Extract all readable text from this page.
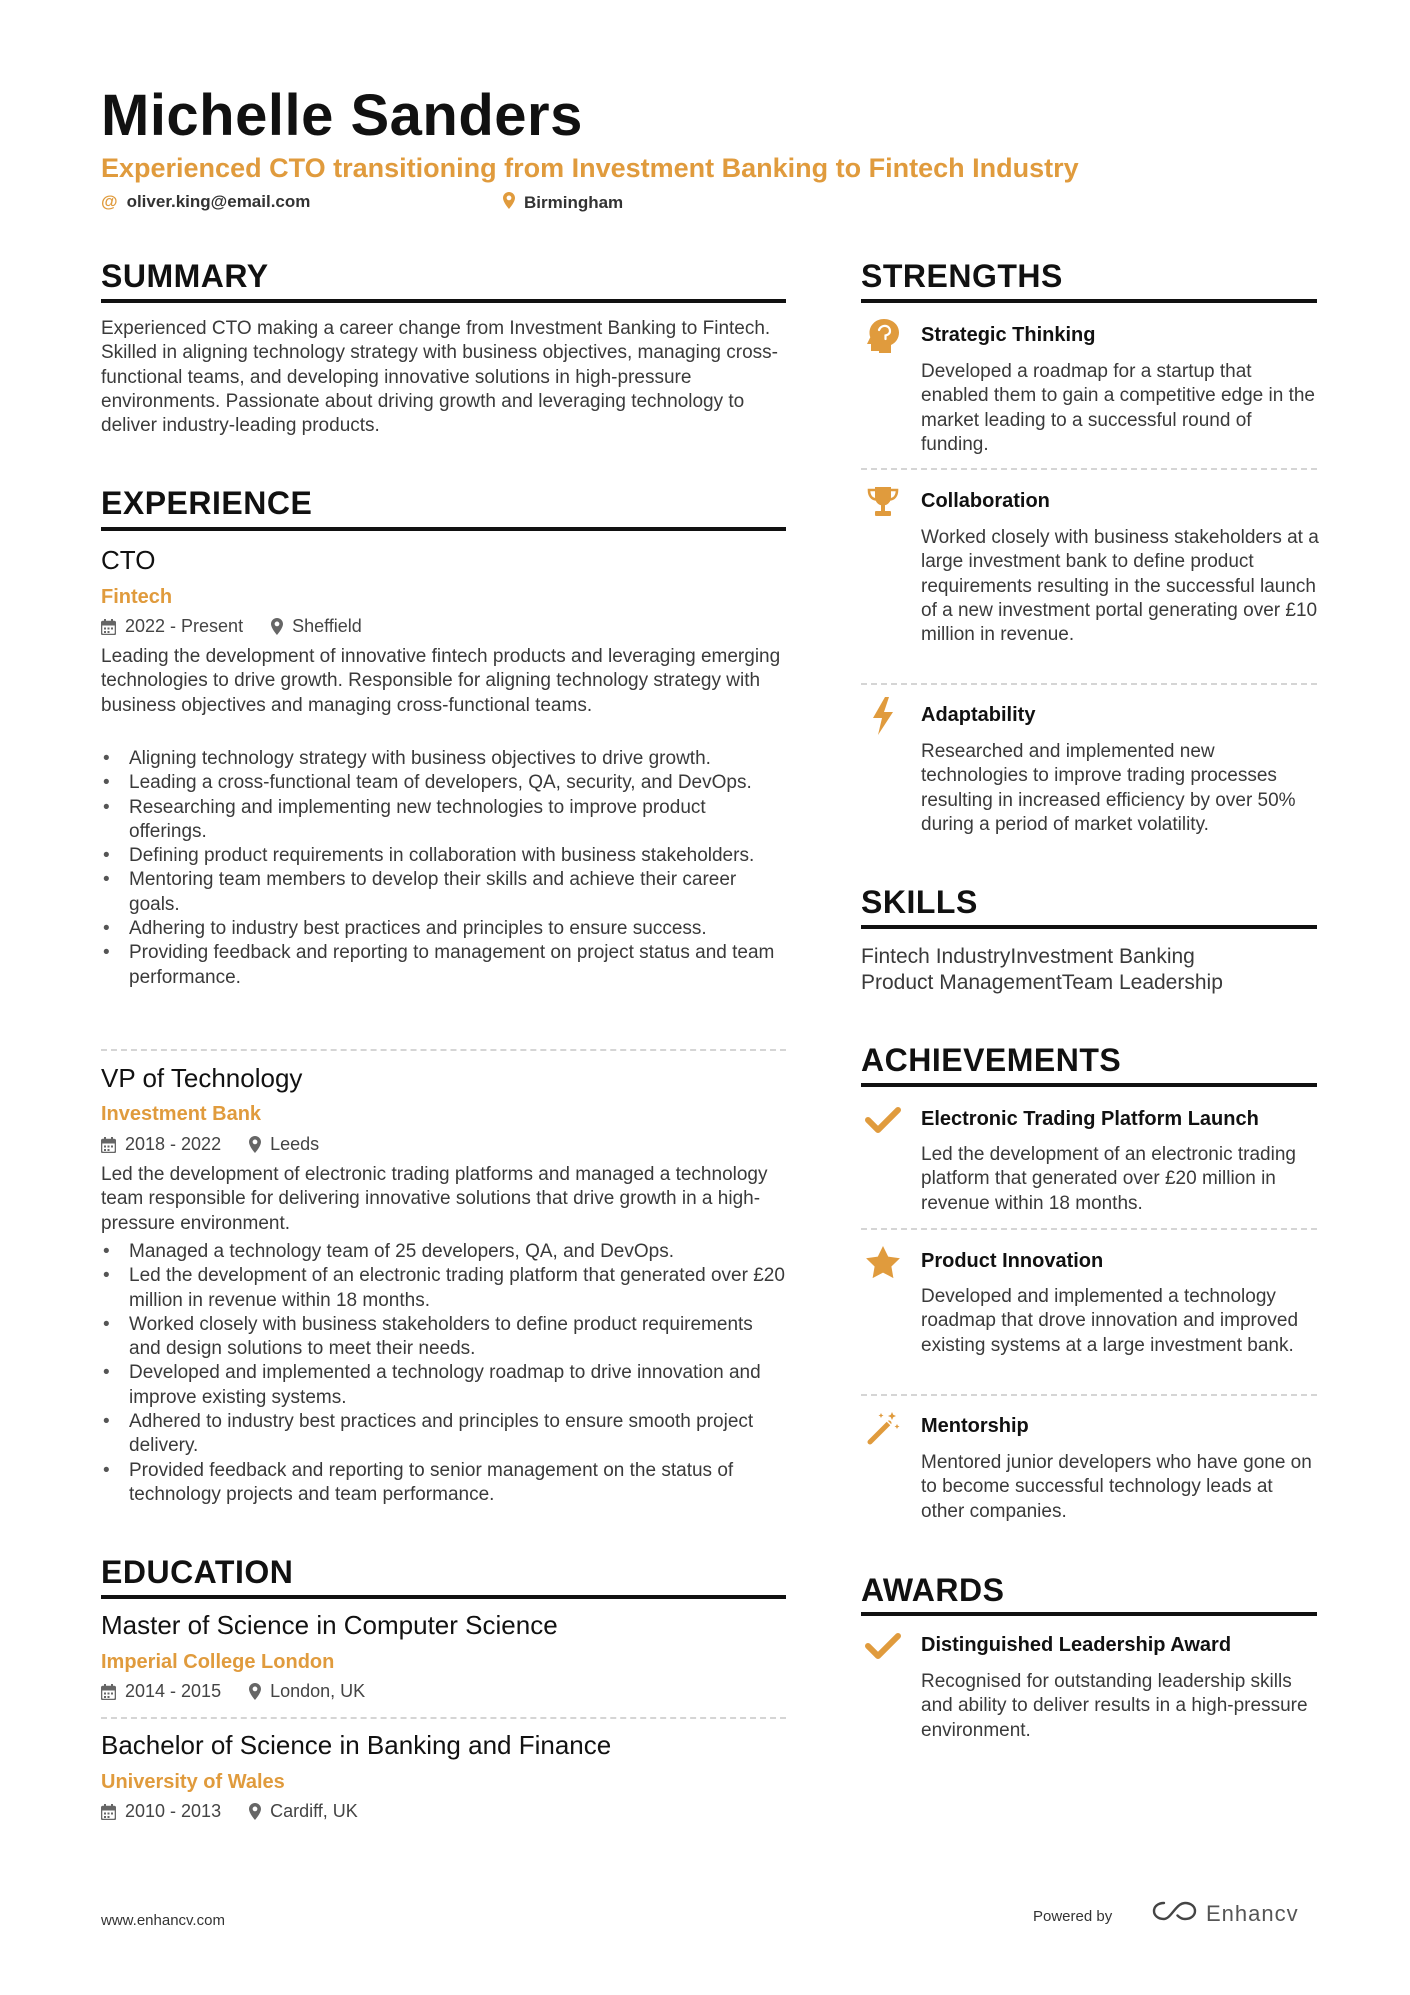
Michelle Sanders
Experienced CTO transitioning from Investment Banking to Fintech Industry
@ oliver.king@email.com	Birmingham
SUMMARY
Experienced CTO making a career change from Investment Banking to Fintech. Skilled in aligning technology strategy with business objectives, managing cross-functional teams, and developing innovative solutions in high-pressure environments. Passionate about driving growth and leveraging technology to deliver industry-leading products.
EXPERIENCE
CTO
Fintech
2022 - Present	Sheffield
Leading the development of innovative fintech products and leveraging emerging technologies to drive growth. Responsible for aligning technology strategy with business objectives and managing cross-functional teams.
• Aligning technology strategy with business objectives to drive growth.
• Leading a cross-functional team of developers, QA, security, and DevOps.
• Researching and implementing new technologies to improve product offerings.
• Defining product requirements in collaboration with business stakeholders.
• Mentoring team members to develop their skills and achieve their career goals.
• Adhering to industry best practices and principles to ensure success.
• Providing feedback and reporting to management on project status and team performance.
VP of Technology
Investment Bank
2018 - 2022	Leeds
Led the development of electronic trading platforms and managed a technology team responsible for delivering innovative solutions that drive growth in a high-pressure environment.
• Managed a technology team of 25 developers, QA, and DevOps.
• Led the development of an electronic trading platform that generated over £20 million in revenue within 18 months.
• Worked closely with business stakeholders to define product requirements and design solutions to meet their needs.
• Developed and implemented a technology roadmap to drive innovation and improve existing systems.
• Adhered to industry best practices and principles to ensure smooth project delivery.
• Provided feedback and reporting to senior management on the status of technology projects and team performance.
EDUCATION
Master of Science in Computer Science
Imperial College London
2014 - 2015	London, UK
Bachelor of Science in Banking and Finance
University of Wales
2010 - 2013	Cardiff, UK
STRENGTHS
Strategic Thinking
Developed a roadmap for a startup that enabled them to gain a competitive edge in the market leading to a successful round of funding.
Collaboration
Worked closely with business stakeholders at a large investment bank to define product requirements resulting in the successful launch of a new investment portal generating over £10 million in revenue.
Adaptability
Researched and implemented new technologies to improve trading processes resulting in increased efficiency by over 50% during a period of market volatility.
SKILLS
Fintech IndustryInvestment Banking
Product ManagementTeam Leadership
ACHIEVEMENTS
Electronic Trading Platform Launch
Led the development of an electronic trading platform that generated over £20 million in revenue within 18 months.
Product Innovation
Developed and implemented a technology roadmap that drove innovation and improved existing systems at a large investment bank.
Mentorship
Mentored junior developers who have gone on to become successful technology leads at other companies.
AWARDS
Distinguished Leadership Award
Recognised for outstanding leadership skills and ability to deliver results in a high-pressure environment.
www.enhancv.com	Powered by	Enhancv
